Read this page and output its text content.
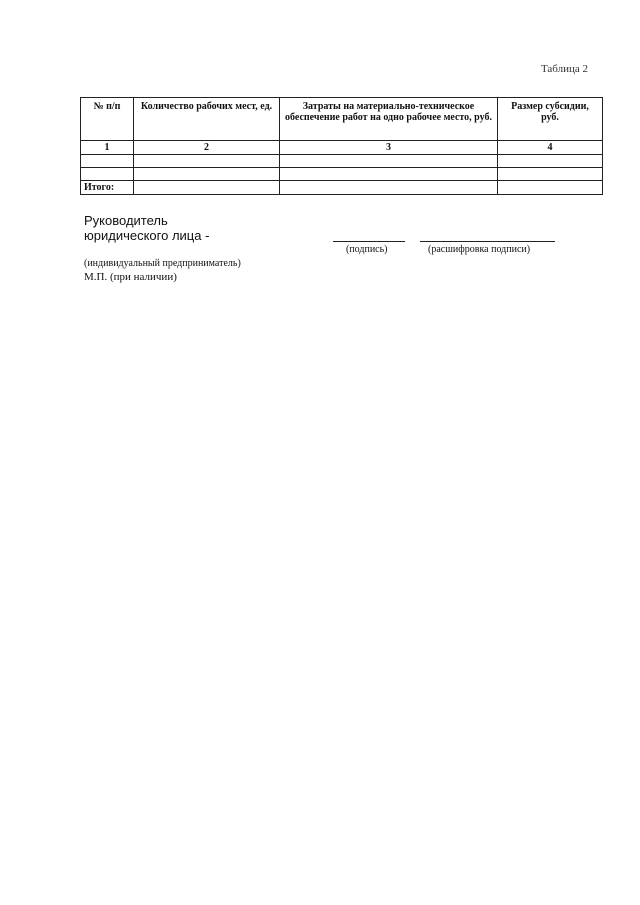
Таблица 2
№ п/п	Количество рабочих мест, ед.	Затраты на материально-техническое обеспечение работ на одно рабочее место, руб.	Размер субсидии, руб.
1	2	3	4

Итого:			
Руководитель
юридического лица -
(подпись)	(расшифровка подписи)
(индивидуальный предприниматель)
М.П. (при наличии)
